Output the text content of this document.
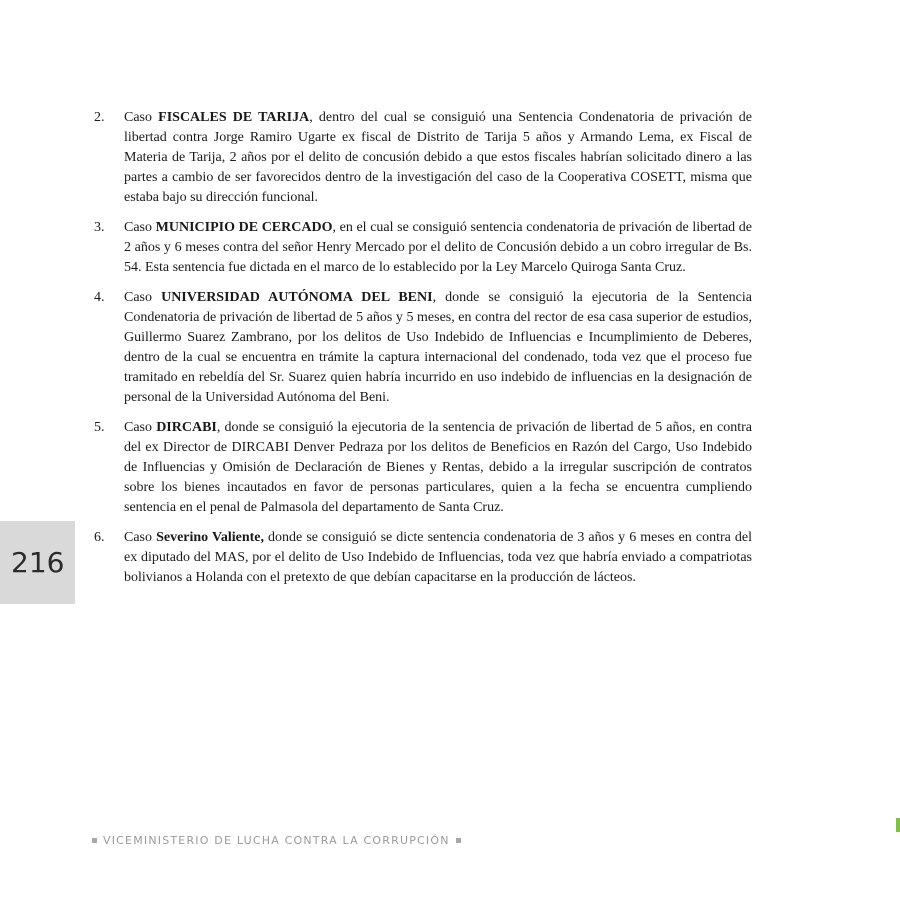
2. Caso FISCALES DE TARIJA, dentro del cual se consiguió una Sentencia Condenatoria de privación de libertad contra Jorge Ramiro Ugarte ex fiscal de Distrito de Tarija 5 años y Armando Lema, ex Fiscal de Materia de Tarija, 2 años por el delito de concusión debido a que estos fiscales habrían solicitado dinero a las partes a cambio de ser favorecidos dentro de la investigación del caso de la Cooperativa COSETT, misma que estaba bajo su dirección funcional.

3. Caso MUNICIPIO DE CERCADO, en el cual se consiguió sentencia condenatoria de privación de libertad de 2 años y 6 meses contra del señor Henry Mercado por el delito de Concusión debido a un cobro irregular de Bs. 54. Esta sentencia fue dictada en el marco de lo establecido por la Ley Marcelo Quiroga Santa Cruz.

4. Caso UNIVERSIDAD AUTÓNOMA DEL BENI, donde se consiguió la ejecutoria de la Sentencia Condenatoria de privación de libertad de 5 años y 5 meses, en contra del rector de esa casa superior de estudios, Guillermo Suarez Zambrano, por los delitos de Uso Indebido de Influencias e Incumplimiento de Deberes, dentro de la cual se encuentra en trámite la captura internacional del condenado, toda vez que el proceso fue tramitado en rebeldía del Sr. Suarez quien habría incurrido en uso indebido de influencias en la designación de personal de la Universidad Autónoma del Beni.

5. Caso DIRCABI, donde se consiguió la ejecutoria de la sentencia de privación de libertad de 5 años, en contra del ex Director de DIRCABI Denver Pedraza por los delitos de Beneficios en Razón del Cargo, Uso Indebido de Influencias y Omisión de Declaración de Bienes y Rentas, debido a la irregular suscripción de contratos sobre los bienes incautados en favor de personas particulares, quien a la fecha se encuentra cumpliendo sentencia en el penal de Palmasola del departamento de Santa Cruz.

6. Caso Severino Valiente, donde se consiguió se dicte sentencia condenatoria de 3 años y 6 meses en contra del ex diputado del MAS, por el delito de Uso Indebido de Influencias, toda vez que habría enviado a compatriotas bolivianos a Holanda con el pretexto de que debían capacitarse en la producción de lácteos.

216
VICEMINISTERIO DE LUCHA CONTRA LA CORRUPCIÓN
